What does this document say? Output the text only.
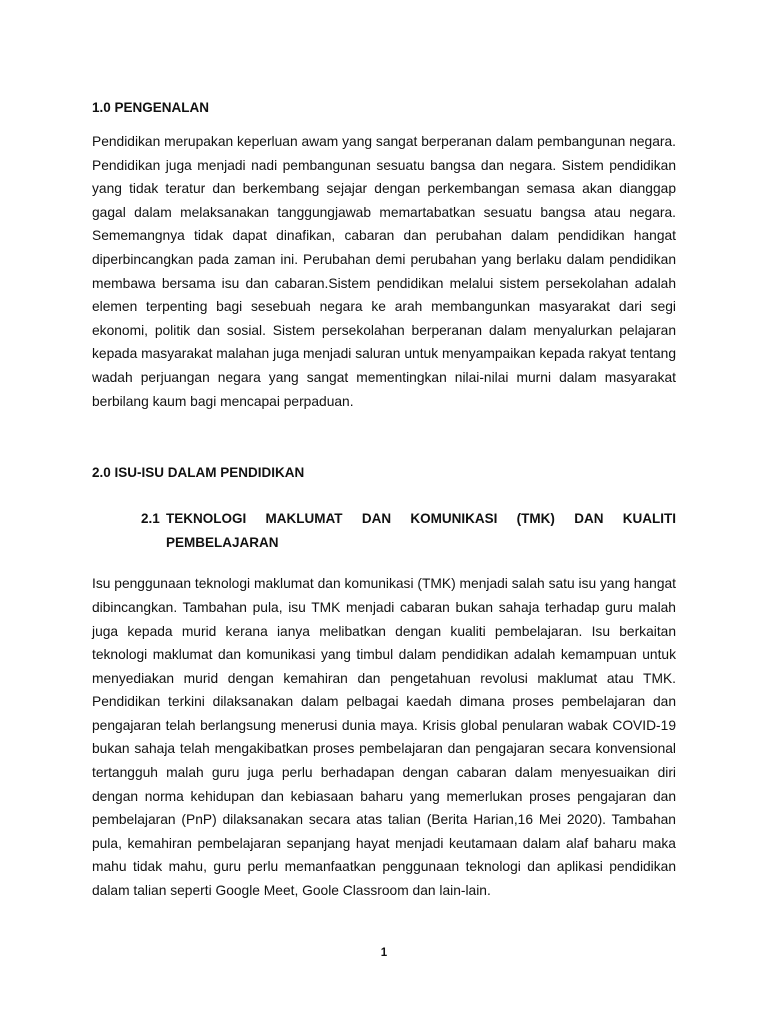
1.0 PENGENALAN

Pendidikan merupakan keperluan awam yang sangat berperanan dalam pembangunan negara. Pendidikan juga menjadi nadi pembangunan sesuatu bangsa dan negara. Sistem pendidikan yang tidak teratur dan berkembang sejajar dengan perkembangan semasa akan dianggap gagal dalam melaksanakan tanggungjawab memartabatkan sesuatu bangsa atau negara. Sememangnya tidak dapat dinafikan, cabaran dan perubahan dalam pendidikan hangat diperbincangkan pada zaman ini. Perubahan demi perubahan yang berlaku dalam pendidikan membawa bersama isu dan cabaran.Sistem pendidikan melalui sistem persekolahan adalah elemen terpenting bagi sesebuah negara ke arah membangunkan masyarakat dari segi ekonomi, politik dan sosial. Sistem persekolahan berperanan dalam menyalurkan pelajaran kepada masyarakat malahan juga menjadi saluran untuk menyampaikan kepada rakyat tentang wadah perjuangan negara yang sangat mementingkan nilai-nilai murni dalam masyarakat berbilang kaum bagi mencapai perpaduan.

2.0 ISU-ISU DALAM PENDIDIKAN

2.1 TEKNOLOGI MAKLUMAT DAN KOMUNIKASI (TMK) DAN KUALITI
PEMBELAJARAN

Isu penggunaan teknologi maklumat dan komunikasi (TMK) menjadi salah satu isu yang hangat dibincangkan. Tambahan pula, isu TMK menjadi cabaran bukan sahaja terhadap guru malah juga kepada murid kerana ianya melibatkan dengan kualiti pembelajaran. Isu berkaitan teknologi maklumat dan komunikasi yang timbul dalam pendidikan adalah kemampuan untuk menyediakan murid dengan kemahiran dan pengetahuan revolusi maklumat atau TMK. Pendidikan terkini dilaksanakan dalam pelbagai kaedah dimana proses pembelajaran dan pengajaran telah berlangsung menerusi dunia maya. Krisis global penularan wabak COVID-19 bukan sahaja telah mengakibatkan proses pembelajaran dan pengajaran secara konvensional tertangguh malah guru juga perlu berhadapan dengan cabaran dalam menyesuaikan diri dengan norma kehidupan dan kebiasaan baharu yang memerlukan proses pengajaran dan pembelajaran (PnP) dilaksanakan secara atas talian (Berita Harian,16 Mei 2020). Tambahan pula, kemahiran pembelajaran sepanjang hayat menjadi keutamaan dalam alaf baharu maka mahu tidak mahu, guru perlu memanfaatkan penggunaan teknologi dan aplikasi pendidikan dalam talian seperti Google Meet, Goole Classroom dan lain-lain.

1
